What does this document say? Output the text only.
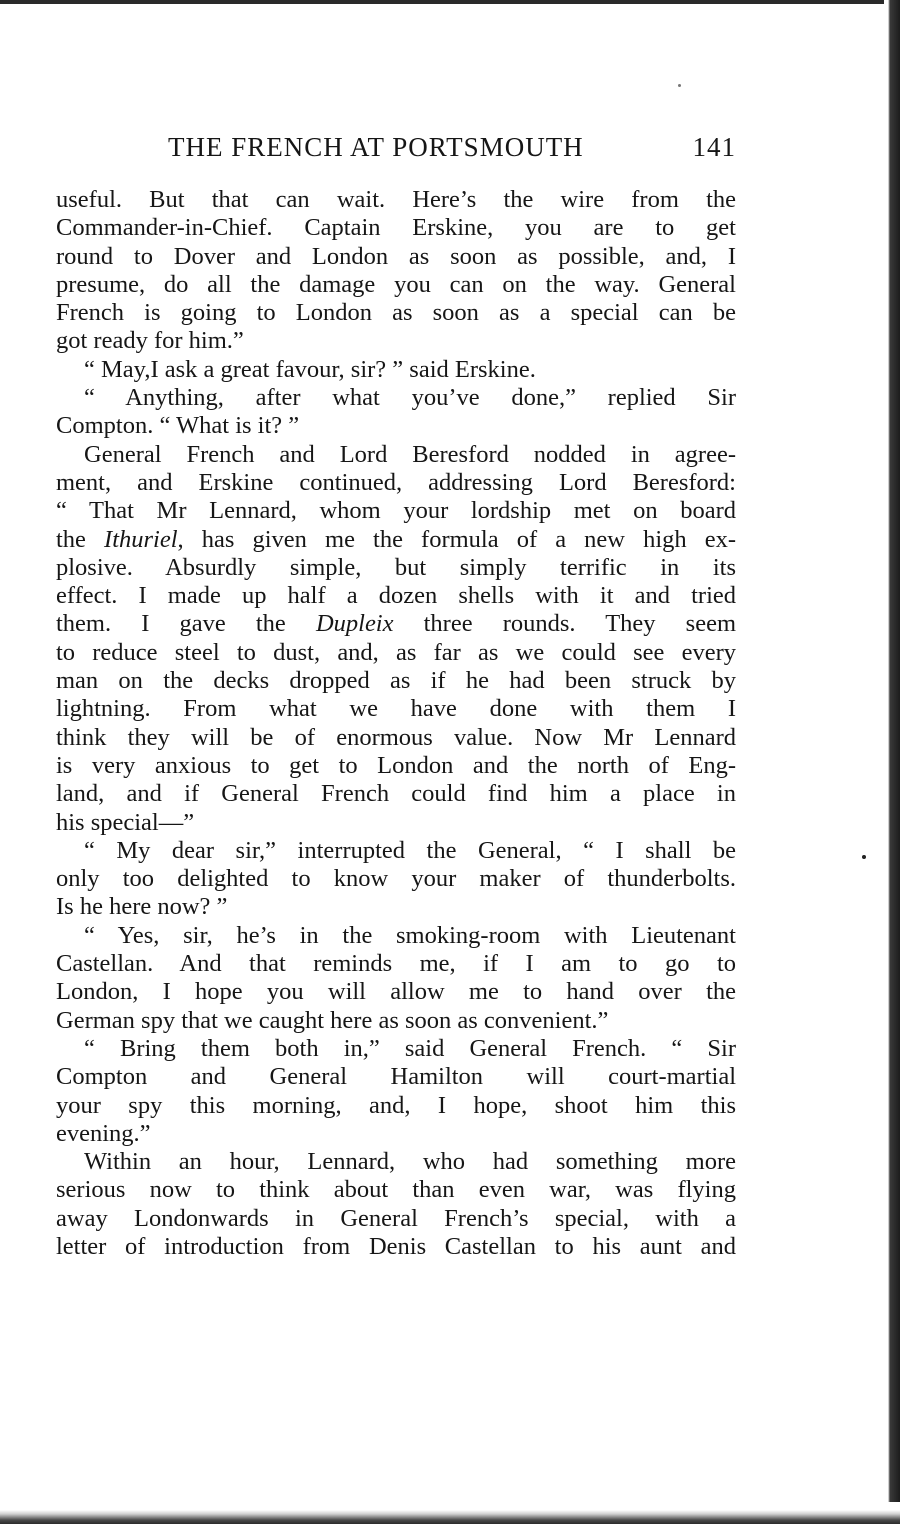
THE FRENCH AT PORTSMOUTH	141
useful. But that can wait. Here’s the wire from the
Commander-in-Chief. Captain Erskine, you are to get
round to Dover and London as soon as possible, and, I
presume, do all the damage you can on the way. General
French is going to London as soon as a special can be
got ready for him.”
“ May,I ask a great favour, sir? ” said Erskine.
“ Anything, after what you’ve done,” replied Sir
Compton. “ What is it? ”
General French and Lord Beresford nodded in agree-
ment, and Erskine continued, addressing Lord Beresford:
“ That Mr Lennard, whom your lordship met on board
the Ithuriel, has given me the formula of a new high ex-
plosive. Absurdly simple, but simply terrific in its
effect. I made up half a dozen shells with it and tried
them. I gave the Dupleix three rounds. They seem
to reduce steel to dust, and, as far as we could see every
man on the decks dropped as if he had been struck by
lightning. From what we have done with them I
think they will be of enormous value. Now Mr Lennard
is very anxious to get to London and the north of Eng-
land, and if General French could find him a place in
his special—”
“ My dear sir,” interrupted the General, “ I shall be
only too delighted to know your maker of thunderbolts.
Is he here now? ”
“ Yes, sir, he’s in the smoking-room with Lieutenant
Castellan. And that reminds me, if I am to go to
London, I hope you will allow me to hand over the
German spy that we caught here as soon as convenient.”
“ Bring them both in,” said General French. “ Sir
Compton and General Hamilton will court-martial
your spy this morning, and, I hope, shoot him this
evening.”
Within an hour, Lennard, who had something more
serious now to think about than even war, was flying
away Londonwards in General French’s special, with a
letter of introduction from Denis Castellan to his aunt and
